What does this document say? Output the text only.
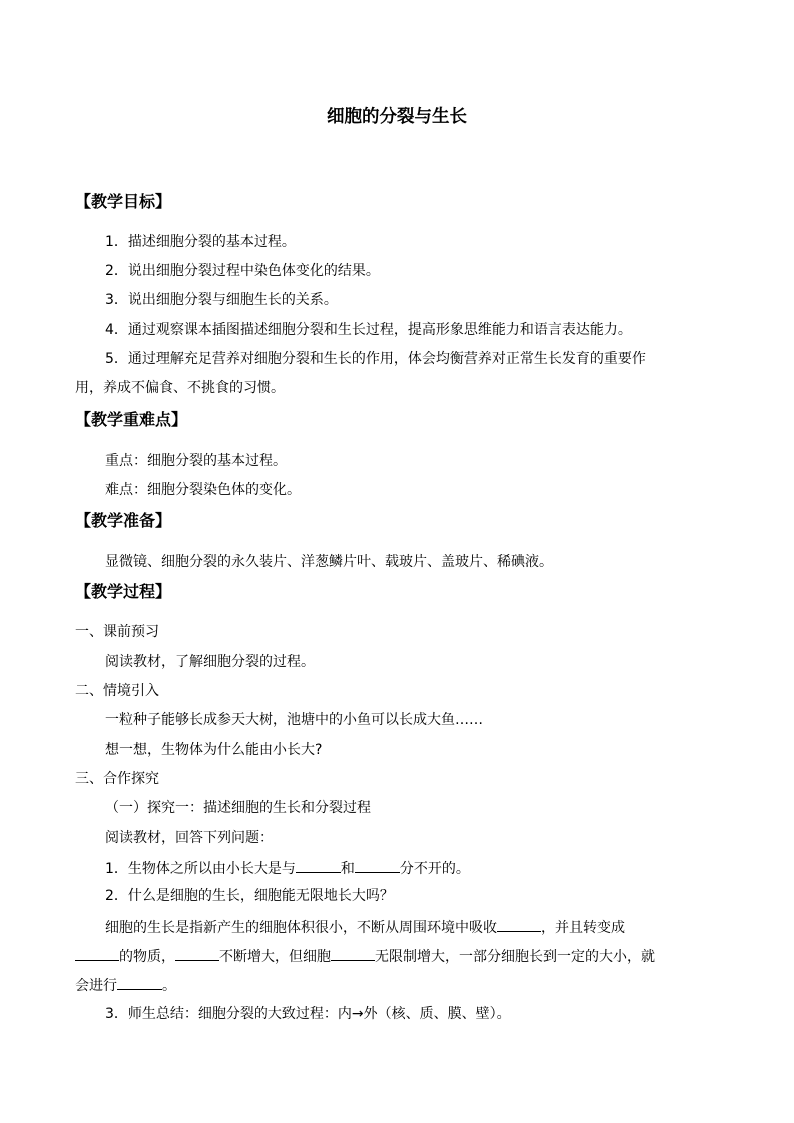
细胞的分裂与生长
【教学目标】
1．描述细胞分裂的基本过程。
2．说出细胞分裂过程中染色体变化的结果。
3．说出细胞分裂与细胞生长的关系。
4．通过观察课本插图描述细胞分裂和生长过程，提高形象思维能力和语言表达能力。
5．通过理解充足营养对细胞分裂和生长的作用，体会均衡营养对正常生长发育的重要作
用，养成不偏食、不挑食的习惯。
【教学重难点】
重点：细胞分裂的基本过程。
难点：细胞分裂染色体的变化。
【教学准备】
显微镜、细胞分裂的永久装片、洋葱鳞片叶、载玻片、盖玻片、稀碘液。
【教学过程】
一、课前预习
阅读教材，了解细胞分裂的过程。
二、情境引入
一粒种子能够长成参天大树，池塘中的小鱼可以长成大鱼……
想一想，生物体为什么能由小长大?
三、合作探究
（一）探究一：描述细胞的生长和分裂过程
阅读教材，回答下列问题：
1．生物体之所以由小长大是与	和	分不开的。
2．什么是细胞的生长，细胞能无限地长大吗？
细胞的生长是指新产生的细胞体积很小，不断从周围环境中吸收	，并且转变成
的物质，	不断增大，但细胞	无限制增大，一部分细胞长到一定的大小，就
会进行	。
3．师生总结：细胞分裂的大致过程：内→外（核、质、膜、壁）。
